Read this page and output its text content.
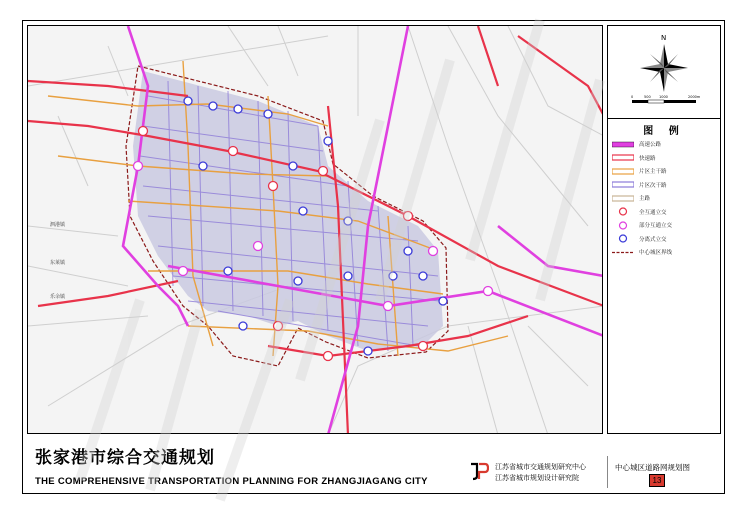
泗港镇
东莱镇
乐余镇
N
0	500 1000	2000m
图 例
高速公路
快速路
片区主干路
片区次干路
主路
全互通立交
部分互通立交
分离式立交
中心城区界线
张家港市综合交通规划
THE COMPREHENSIVE TRANSPORTATION PLANNING FOR ZHANGJIAGANG CITY
江苏省城市交通规划研究中心
江苏省城市规划设计研究院
中心城区道路网规划图
13
